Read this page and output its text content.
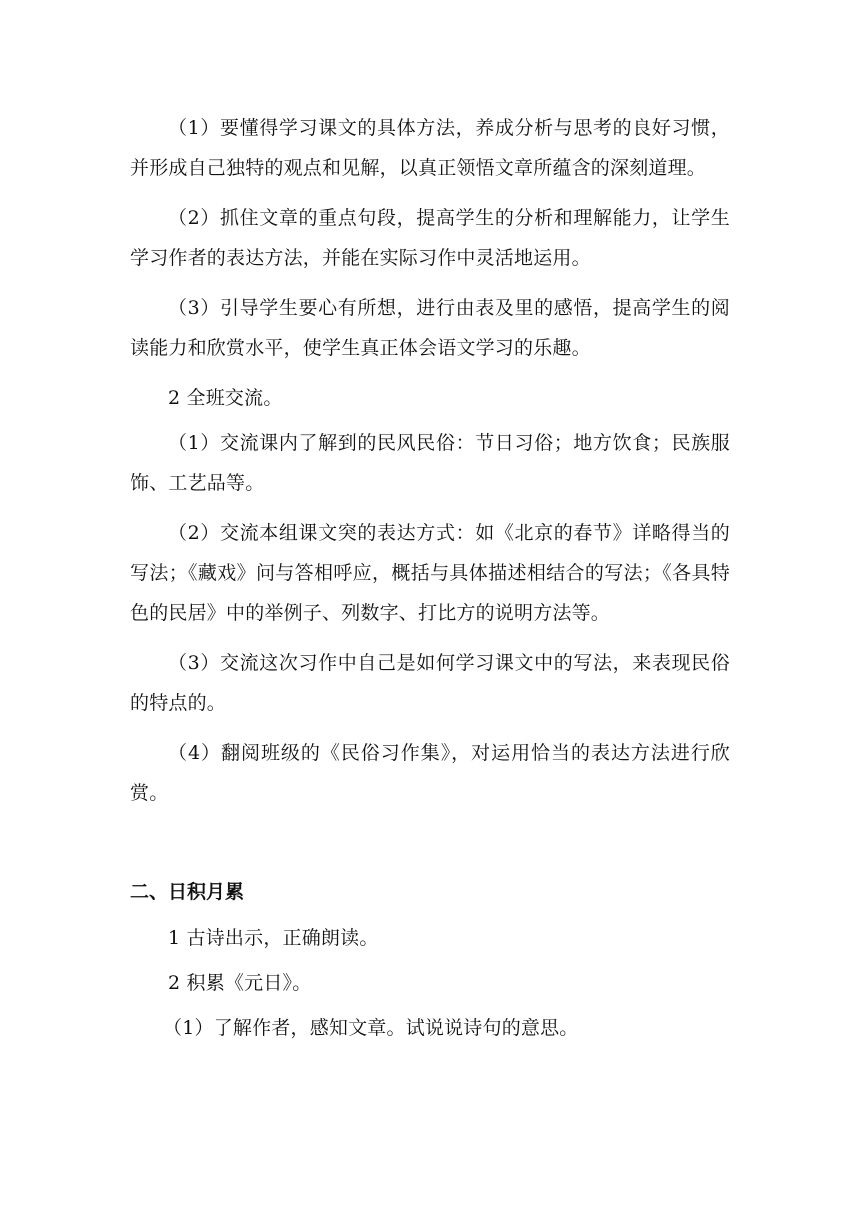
（1）要懂得学习课文的具体方法，养成分析与思考的良好习惯，并形成自己独特的观点和见解，以真正领悟文章所蕴含的深刻道理。

（2）抓住文章的重点句段，提高学生的分析和理解能力，让学生学习作者的表达方法，并能在实际习作中灵活地运用。

（3）引导学生要心有所想，进行由表及里的感悟，提高学生的阅读能力和欣赏水平，使学生真正体会语文学习的乐趣。

2 全班交流。

（1）交流课内了解到的民风民俗：节日习俗；地方饮食；民族服饰、工艺品等。

（2）交流本组课文突的表达方式：如《北京的春节》详略得当的写法；《藏戏》问与答相呼应，概括与具体描述相结合的写法；《各具特色的民居》中的举例子、列数字、打比方的说明方法等。

（3）交流这次习作中自己是如何学习课文中的写法，来表现民俗的特点的。

（4）翻阅班级的《民俗习作集》，对运用恰当的表达方法进行欣赏。

二、日积月累

1 古诗出示，正确朗读。

2 积累《元日》。

（1）了解作者，感知文章。试说说诗句的意思。
